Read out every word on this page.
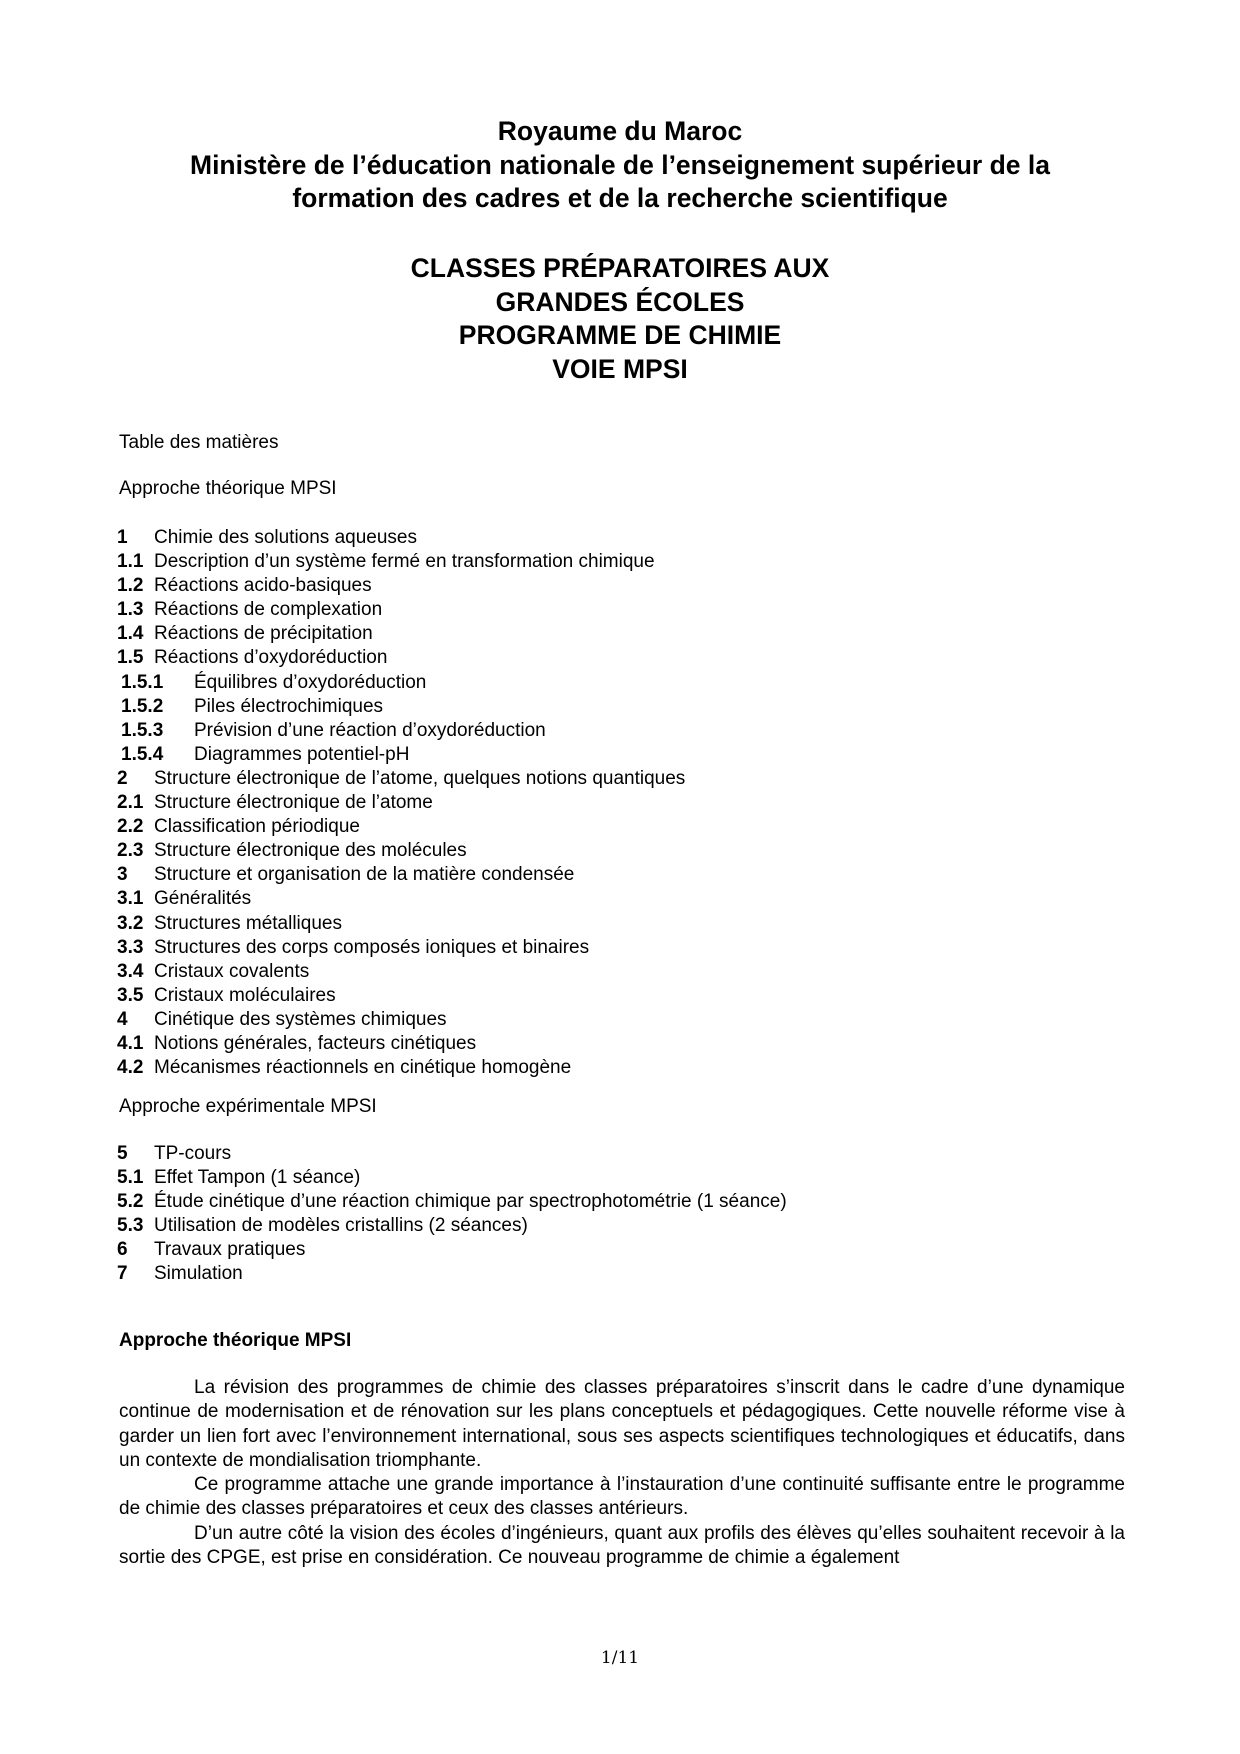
Royaume du Maroc
Ministère de l’éducation nationale de l’enseignement supérieur de la
formation des cadres et de la recherche scientifique
CLASSES PRÉPARATOIRES AUX
GRANDES ÉCOLES
PROGRAMME DE CHIMIE
VOIE MPSI
Table des matières
Approche théorique MPSI
1 Chimie des solutions aqueuses
1.1 Description d’un système fermé en transformation chimique
1.2 Réactions acido-basiques
1.3 Réactions de complexation
1.4 Réactions de précipitation
1.5 Réactions d’oxydoréduction
1.5.1 Équilibres d’oxydoréduction
1.5.2 Piles électrochimiques
1.5.3 Prévision d’une réaction d’oxydoréduction
1.5.4 Diagrammes potentiel-pH
2 Structure électronique de l’atome, quelques notions quantiques
2.1 Structure électronique de l’atome
2.2 Classification périodique
2.3 Structure électronique des molécules
3 Structure et organisation de la matière condensée
3.1 Généralités
3.2 Structures métalliques
3.3 Structures des corps composés ioniques et binaires
3.4 Cristaux covalents
3.5 Cristaux moléculaires
4 Cinétique des systèmes chimiques
4.1 Notions générales, facteurs cinétiques
4.2 Mécanismes réactionnels en cinétique homogène
Approche expérimentale MPSI
5 TP-cours
5.1 Effet Tampon (1 séance)
5.2 Étude cinétique d’une réaction chimique par spectrophotométrie (1 séance)
5.3 Utilisation de modèles cristallins (2 séances)
6 Travaux pratiques
7 Simulation
Approche théorique MPSI

La révision des programmes de chimie des classes préparatoires s’inscrit dans le cadre d’une dynamique continue de modernisation et de rénovation sur les plans conceptuels et pédagogiques. Cette nouvelle réforme vise à garder un lien fort avec l’environnement international, sous ses aspects scientifiques technologiques et éducatifs, dans un contexte de mondialisation triomphante.

Ce programme attache une grande importance à l’instauration d’une continuité suffisante entre le programme de chimie des classes préparatoires et ceux des classes antérieurs.

D’un autre côté la vision des écoles d’ingénieurs, quant aux profils des élèves qu’elles souhaitent recevoir à la sortie des CPGE, est prise en considération. Ce nouveau programme de chimie a également

1/11
